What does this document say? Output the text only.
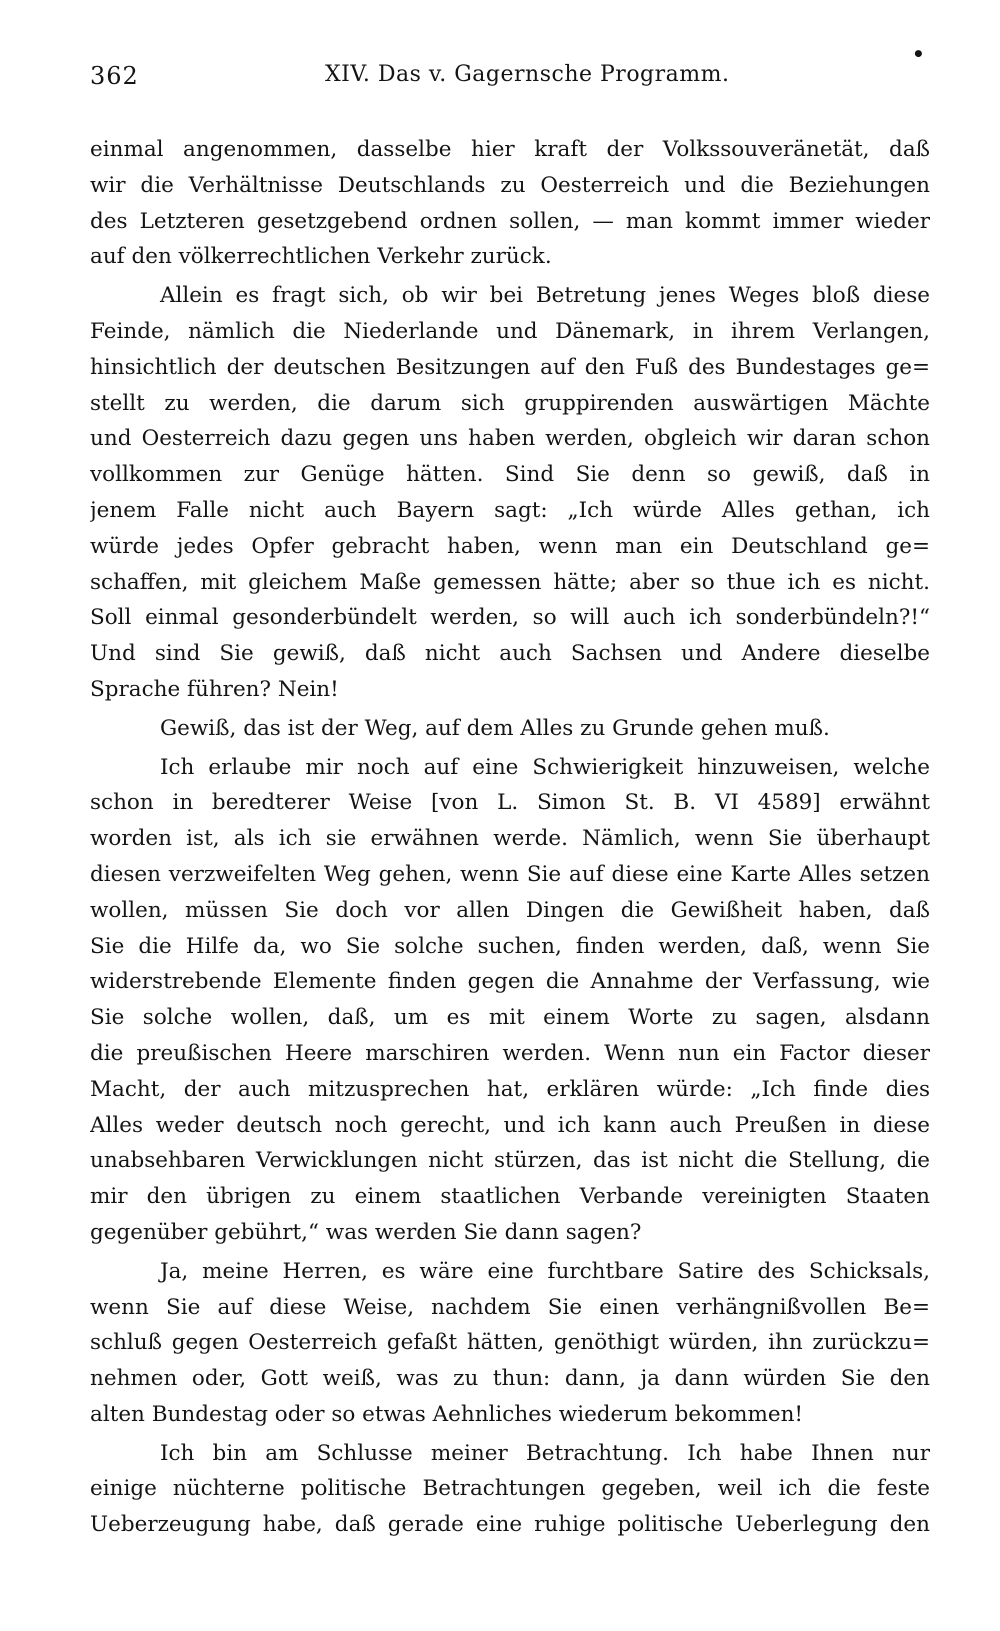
362	XIV. Das v. Gagernsche Programm.
•
einmal angenommen, dasselbe hier kraft der Volkssouveränetät, daß
wir die Verhältnisse Deutschlands zu Oesterreich und die Beziehungen
des Letzteren gesetzgebend ordnen sollen, — man kommt immer wieder
auf den völkerrechtlichen Verkehr zurück.
Allein es fragt sich, ob wir bei Betretung jenes Weges bloß diese
Feinde, nämlich die Niederlande und Dänemark, in ihrem Verlangen,
hinsichtlich der deutschen Besitzungen auf den Fuß des Bundestages ge=
stellt zu werden, die darum sich gruppirenden auswärtigen Mächte
und Oesterreich dazu gegen uns haben werden, obgleich wir daran schon
vollkommen zur Genüge hätten. Sind Sie denn so gewiß, daß in
jenem Falle nicht auch Bayern sagt: „Ich würde Alles gethan, ich
würde jedes Opfer gebracht haben, wenn man ein Deutschland ge=
schaffen, mit gleichem Maße gemessen hätte; aber so thue ich es nicht.
Soll einmal gesonderbündelt werden, so will auch ich sonderbündeln?!“
Und sind Sie gewiß, daß nicht auch Sachsen und Andere dieselbe
Sprache führen? Nein!
Gewiß, das ist der Weg, auf dem Alles zu Grunde gehen muß.
Ich erlaube mir noch auf eine Schwierigkeit hinzuweisen, welche
schon in beredterer Weise [von L. Simon St. B. VI 4589] erwähnt
worden ist, als ich sie erwähnen werde. Nämlich, wenn Sie überhaupt
diesen verzweifelten Weg gehen, wenn Sie auf diese eine Karte Alles setzen
wollen, müssen Sie doch vor allen Dingen die Gewißheit haben, daß
Sie die Hilfe da, wo Sie solche suchen, finden werden, daß, wenn Sie
widerstrebende Elemente finden gegen die Annahme der Verfassung, wie
Sie solche wollen, daß, um es mit einem Worte zu sagen, alsdann
die preußischen Heere marschiren werden. Wenn nun ein Factor dieser
Macht, der auch mitzusprechen hat, erklären würde: „Ich finde dies
Alles weder deutsch noch gerecht, und ich kann auch Preußen in diese
unabsehbaren Verwicklungen nicht stürzen, das ist nicht die Stellung, die
mir den übrigen zu einem staatlichen Verbande vereinigten Staaten
gegenüber gebührt,“ was werden Sie dann sagen?
Ja, meine Herren, es wäre eine furchtbare Satire des Schicksals,
wenn Sie auf diese Weise, nachdem Sie einen verhängnißvollen Be=
schluß gegen Oesterreich gefaßt hätten, genöthigt würden, ihn zurückzu=
nehmen oder, Gott weiß, was zu thun: dann, ja dann würden Sie den
alten Bundestag oder so etwas Aehnliches wiederum bekommen!
Ich bin am Schlusse meiner Betrachtung. Ich habe Ihnen nur
einige nüchterne politische Betrachtungen gegeben, weil ich die feste
Ueberzeugung habe, daß gerade eine ruhige politische Ueberlegung den
